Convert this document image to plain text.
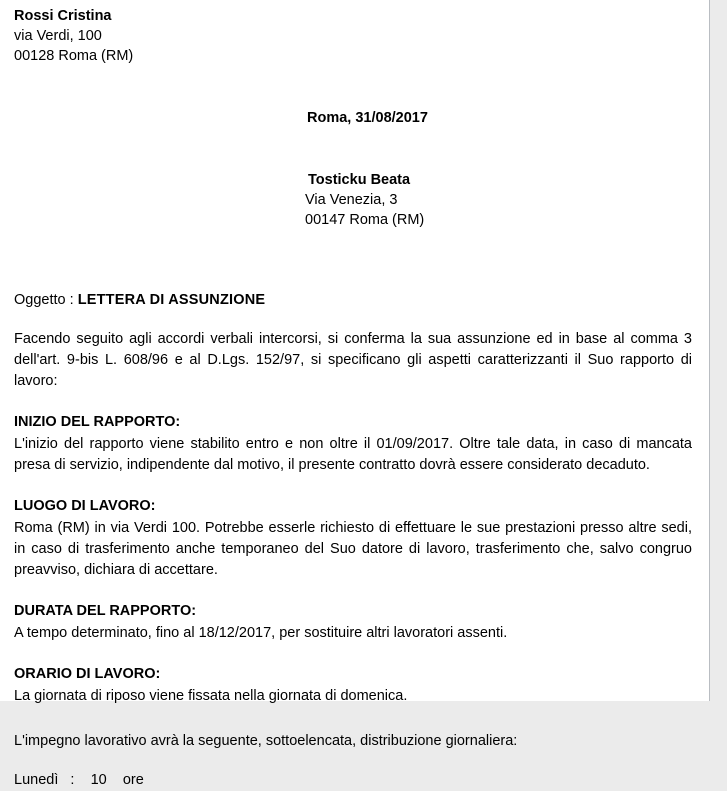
Rossi Cristina
via Verdi, 100
00128 Roma (RM)
Roma, 31/08/2017
Tosticku Beata
Via Venezia, 3
00147 Roma (RM)
Oggetto : LETTERA DI ASSUNZIONE
Facendo seguito agli accordi verbali intercorsi, si conferma la sua assunzione ed in base al comma 3 dell'art. 9-bis L. 608/96 e al D.Lgs. 152/97, si specificano gli aspetti caratterizzanti il Suo rapporto di lavoro:
INIZIO DEL RAPPORTO:
L'inizio del rapporto viene stabilito entro e non oltre il 01/09/2017. Oltre tale data, in caso di mancata presa di servizio, indipendente dal motivo, il presente contratto dovrà essere considerato decaduto.
LUOGO DI LAVORO:
Roma (RM) in via Verdi 100. Potrebbe esserle richiesto di effettuare le sue prestazioni presso altre sedi, in caso di trasferimento anche temporaneo del Suo datore di lavoro, trasferimento che, salvo congruo preavviso, dichiara di accettare.
DURATA DEL RAPPORTO:
A tempo determinato, fino al 18/12/2017, per sostituire altri lavoratori assenti.
ORARIO DI LAVORO:
La giornata di riposo viene fissata nella giornata di domenica.
L'impegno lavorativo avrà la seguente, sottoelencata, distribuzione giornaliera:
Lunedì   :    10    ore
